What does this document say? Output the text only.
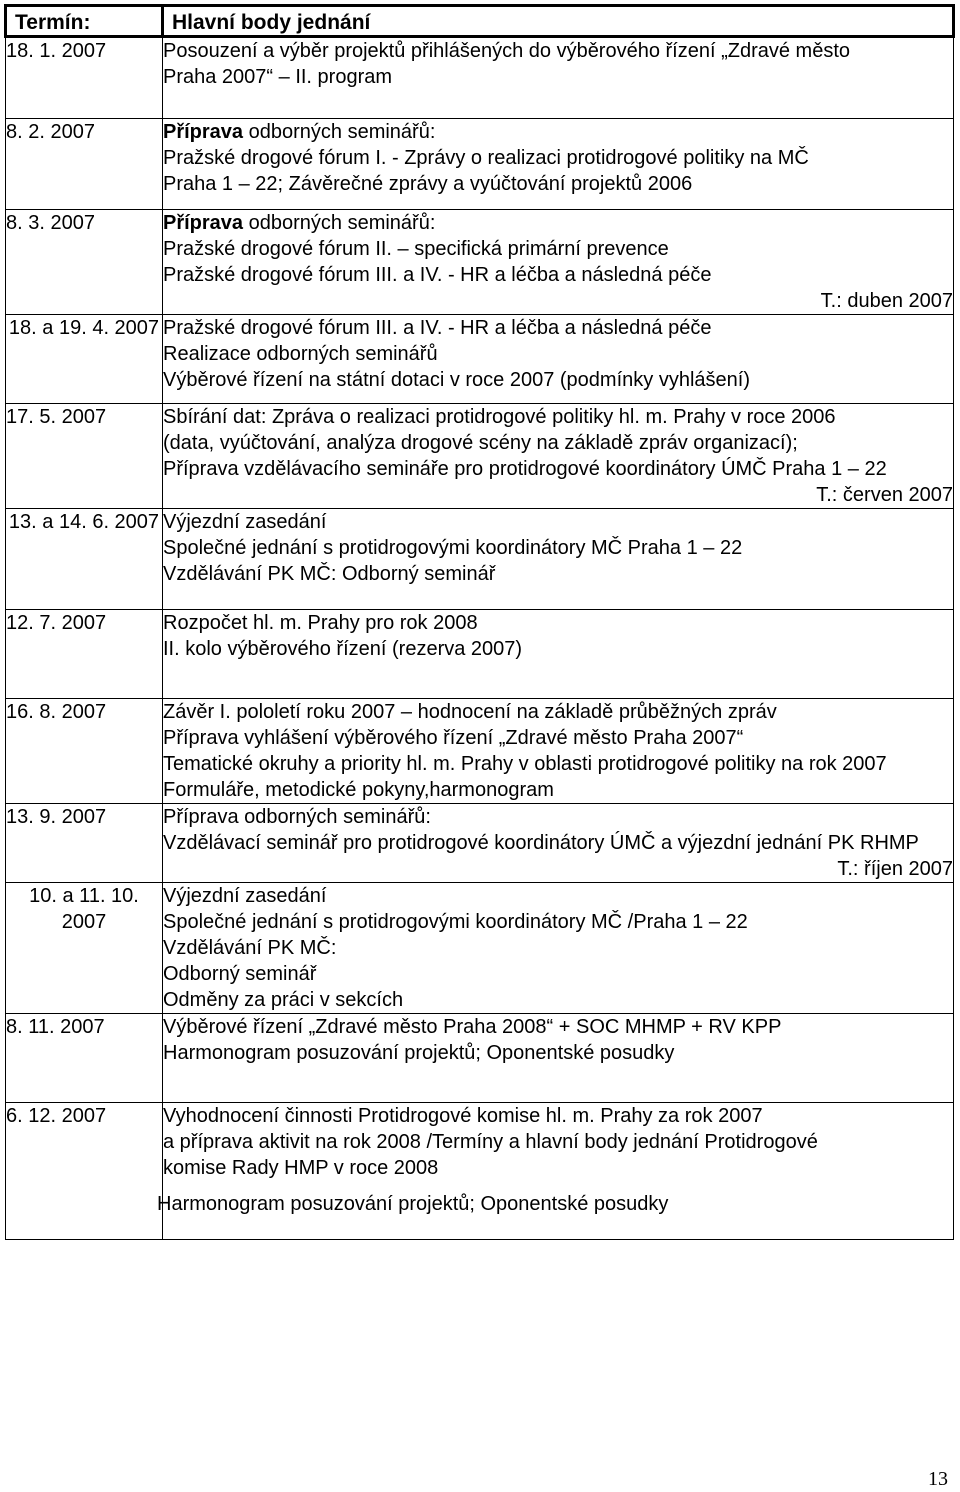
Termín:	Hlavní body jednání
18. 1. 2007	Posouzení a výběr projektů přihlášených do výběrového řízení „Zdravé město
Praha 2007“ – II. program

8. 2. 2007	Příprava odborných seminářů:
Pražské drogové fórum I. - Zprávy o realizaci protidrogové politiky na MČ
Praha 1 – 22; Závěrečné zprávy a vyúčtování projektů 2006

8. 3. 2007	Příprava odborných seminářů:
Pražské drogové fórum II. – specifická primární prevence
Pražské drogové fórum III. a IV. - HR a léčba a následná péče
T.: duben 2007

18. a 19. 4. 2007	Pražské drogové fórum III. a IV. - HR a léčba a následná péče
Realizace odborných seminářů
Výběrové řízení na státní dotaci v roce 2007 (podmínky vyhlášení)

17. 5. 2007	Sbírání dat: Zpráva o realizaci protidrogové politiky hl. m. Prahy v roce 2006
(data, vyúčtování, analýza drogové scény na základě zpráv organizací);
Příprava vzdělávacího semináře pro protidrogové koordinátory ÚMČ Praha 1 – 22
T.: červen 2007

13. a 14. 6. 2007	Výjezdní zasedání
Společné jednání s protidrogovými koordinátory MČ Praha 1 – 22
Vzdělávání PK MČ: Odborný seminář

12. 7. 2007	Rozpočet hl. m. Prahy pro rok 2008
II. kolo výběrového řízení (rezerva 2007)

16. 8. 2007	Závěr I. pololetí roku 2007 – hodnocení na základě průběžných zpráv
Příprava vyhlášení výběrového řízení „Zdravé město Praha 2007“
Tematické okruhy a priority hl. m. Prahy v oblasti protidrogové politiky na rok 2007
Formuláře, metodické pokyny,harmonogram

13. 9. 2007	Příprava odborných seminářů:
Vzdělávací seminář pro protidrogové koordinátory ÚMČ a výjezdní jednání PK RHMP
T.: říjen 2007

10. a 11. 10. 2007	Výjezdní zasedání
Společné jednání s protidrogovými koordinátory MČ /Praha 1 – 22
Vzdělávání PK MČ:
Odborný seminář
Odměny za práci v sekcích

8. 11. 2007	Výběrové řízení „Zdravé město Praha 2008“ + SOC MHMP + RV KPP
Harmonogram posuzování projektů; Oponentské posudky

6. 12. 2007	Vyhodnocení činnosti Protidrogové komise hl. m. Prahy za rok 2007
a příprava aktivit na rok 2008 /Termíny a hlavní body jednání Protidrogové
komise Rady HMP v roce 2008
Harmonogram posuzování projektů; Oponentské posudky
13
